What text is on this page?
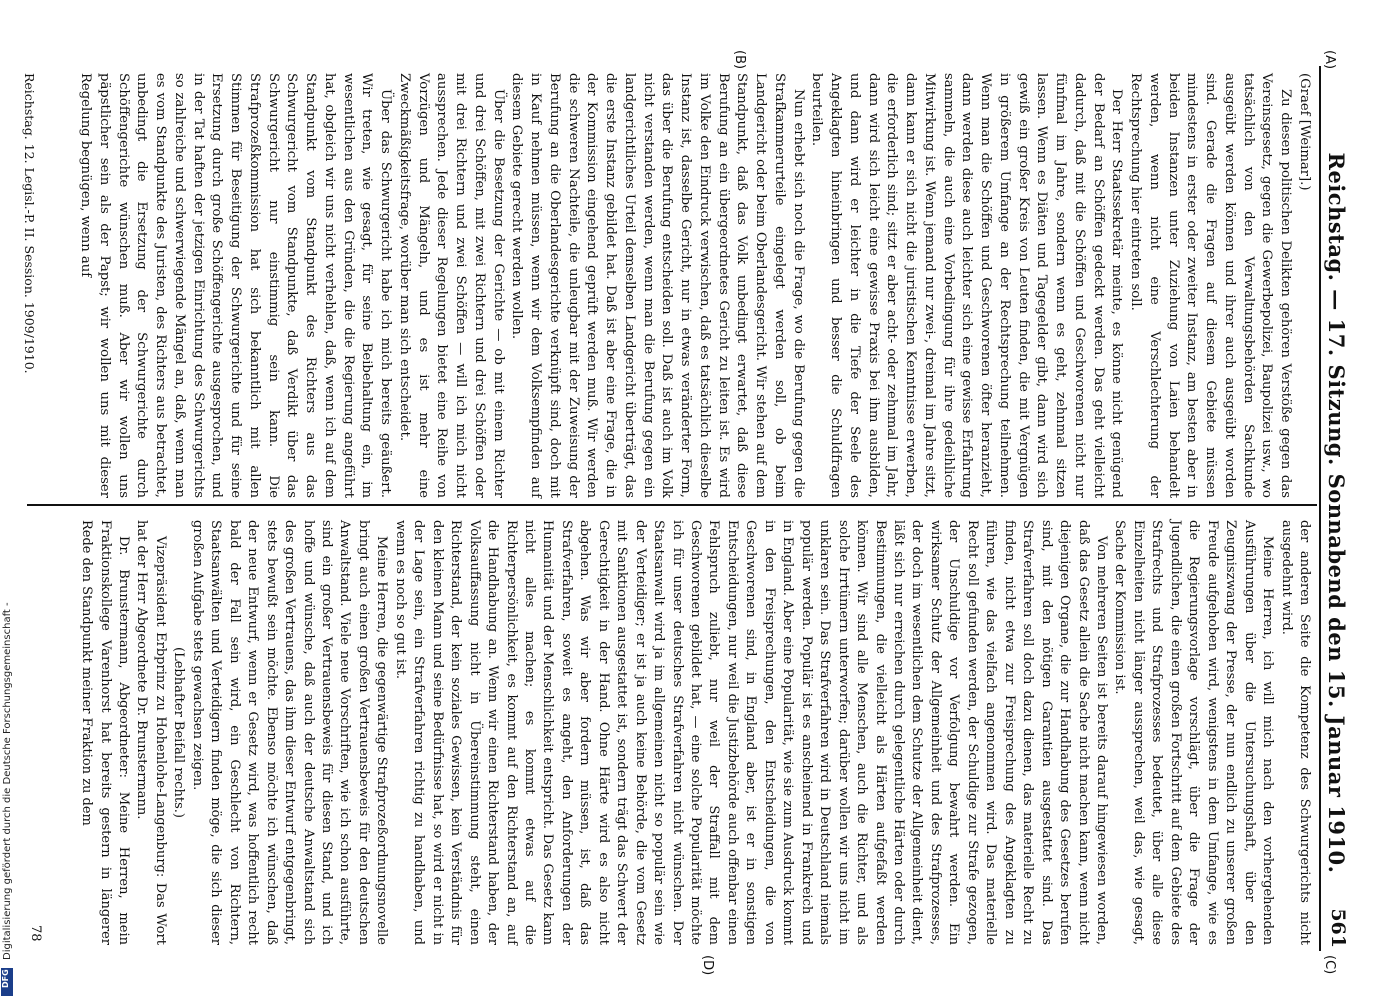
Reichstag. — 17. Sitzung. Sonnabend den 15. Januar 1910.
561
(A)
(B)
(C)
(D)

(Graef [Weimar].)

Zu diesen politischen Delikten gehören Verstöße gegen das Vereinsgesetz, gegen die Gewerbepolizei, Baupolizei usw., wo tatsächlich von den Verwaltungsbehörden Sachkunde ausgeübt werden können und ihrer auch ausgeübt worden sind. Gerade die Fragen auf diesem Gebiete müssen mindestens in erster oder zweiter Instanz, am besten aber in beiden Instanzen unter Zuziehung von Laien behandelt werden, wenn nicht eine Verschlechterung der Rechtsprechung hier eintreten soll.

Der Herr Staatssekretär meinte, es könne nicht genügend der Bedarf an Schöffen gedeckt werden. Das geht vielleicht dadurch, daß mit die Schöffen und Geschworenen nicht nur fünfmal im Jahre, sondern wenn es geht, zehnmal sitzen lassen. Wenn es Diäten und Tagegelder gibt, dann wird sich gewiß ein großer Kreis von Leuten finden, die mit Vergnügen in größerem Umfange an der Rechtsprechung teilnehmen. Wenn man die Schöffen und Geschworenen öfter heranzieht, dann werden diese auch leichter sich eine gewisse Erfahrung sammeln, die auch eine Vorbedingung für ihre gedeihliche Mitwirkung ist. Wenn jemand nur zwei-, dreimal im Jahre sitzt, dann kann er sich nicht die juristischen Kenntnisse erwerben, die erforderlich sind; sitzt er aber acht- oder zehnmal im Jahr, dann wird sich leicht eine gewisse Praxis bei ihm ausbilden, und dann wird er leichter in die Tiefe der Seele des Angeklagten hineinbringen und besser die Schuldfragen beurteilen.

Nun erhebt sich noch die Frage, wo die Berufung gegen die Strafkammerurteile eingelegt werden soll, ob beim Landgericht oder beim Oberlandesgericht. Wir stehen auf dem Standpunkt, daß das Volk unbedingt erwartet, daß diese Berufung an ein übergeordnetes Gericht zu leiten ist. Es wird im Volke den Eindruck verwischen, daß es tatsächlich dieselbe Instanz ist, dasselbe Gericht, nur in etwas veränderter Form, das über die Berufung entscheiden soll. Daß ist auch im Volk nicht verstanden werden, wenn man die Berufung gegen ein landgerichtliches Urteil demselben Landgericht überträgt, das die erste Instanz gebildet hat. Daß ist aber eine Frage, die in der Kommission eingehend geprüft werden muß. Wir werden die schweren Nachteile, die unleugbar mit der Zuweisung der Berufung an die Oberlandesgerichte verknüpft sind, doch mit in Kauf nehmen müssen, wenn wir dem Volksempfinden auf diesem Gebiete gerecht werden wollen.

Über die Besetzung der Gerichte — ob mit einem Richter und drei Schöffen, mit zwei Richtern und drei Schöffen oder mit drei Richtern und zwei Schöffen — will ich mich nicht aussprechen. Jede dieser Regelungen bietet eine Reihe von Vorzügen und Mängeln, und es ist mehr eine Zweckmäßigkeitsfrage, worüber man sich entscheidet.

Über das Schwurgericht habe ich mich bereits geäußert. Wir treten, wie gesagt, für seine Beibehaltung ein, im wesentlichen aus den Gründen, die die Regierung angeführt hat, obgleich wir uns nicht verhehlen, daß, wenn ich auf dem Standpunkt vom Standpunkt des Richters aus das Schwurgericht vom Standpunkte, daß Verdikt über das Schwurgericht nur einstimmig sein kann. Die Strafprozeßkommission hat sich bekanntlich mit allen Stimmen für Beseitigung der Schwurgerichte und für seine Ersetzung durch große Schöffengerichte ausgesprochen, und in der Tat haften der jetzigen Einrichtung des Schwurgerichts so zahlreiche und schwerwiegende Mängel an, daß, wenn man es vom Standpunkte des Juristen, des Richters aus betrachtet, unbedingt die Ersetzung der Schwurgerichte durch Schöffengerichte wünschen muß. Aber wir wollen uns päpstlicher sein als der Papst; wir wollen uns mit dieser Regelung begnügen, wenn auf

der anderen Seite die Kompetenz des Schwurgerichts nicht ausgedehnt wird.

Meine Herren, ich will mich nach den vorhergehenden Ausführungen über die Untersuchungshaft, über den Zeugniszwang der Presse, der nun endlich zu unserer großen Freude aufgehoben wird, wenigstens in dem Umfange, wie es die Regierungsvorlage vorschlägt, über die Frage der Jugendlichen, die einen großen Fortschritt auf dem Gebiete des Strafrechts und Strafprozesses bedeutet, über alle diese Einzelheiten nicht länger aussprechen, weil das, wie gesagt, Sache der Kommission ist.

Von mehreren Seiten ist bereits darauf hingewiesen worden, daß das Gesetz allein die Sache nicht machen kann, wenn nicht diejenigen Organe, die zur Handhabung des Gesetzes berufen sind, mit den nötigen Garantien ausgestattet sind. Das Strafverfahren soll doch dazu dienen, das materielle Recht zu finden, nicht etwa zur Freisprechung des Angeklagten zu führen, wie das vielfach angenommen wird. Das materielle Recht soll gefunden werden, der Schuldige zur Strafe gezogen, der Unschuldige vor Verfolgung bewahrt werden. Ein wirksamer Schutz der Allgemeinheit und des Strafprozesses, der doch im wesentlichen dem Schutze der Allgemeinheit dient, läßt sich nur erreichen durch gelegentliche Härten oder durch Bestimmungen, die vielleicht als Härten aufgefaßt werden können. Wir sind alle Menschen, auch die Richter, und als solche Irrtümern unterworfen; darüber wollen wir uns nicht im unklaren sein. Das Strafverfahren wird in Deutschland niemals populär werden. Populär ist es anscheinend in Frankreich und in England. Aber eine Popularität, wie sie zum Ausdruck kommt in den Freisprechungen, den Entscheidungen, die von Geschworenen sind, in England aber, ist er in sonstigen Entscheidungen, nur weil die Justizbehörde auch offenbar einen Fehlspruch zuliebt, nur weil der Straffall mit dem Geschworenen gebildet hat, — eine solche Popularität möchte ich für unser deutsches Strafverfahren nicht wünschen. Der Staatsanwalt wird ja im allgemeinen nicht so populär sein wie der Verteidiger; er ist ja auch keine Behörde, die vom Gesetz mit Sanktionen ausgestattet ist, sondern trägt das Schwert der Gerechtigkeit in der Hand. Ohne Härte wird es also nicht abgehen. Was wir aber fordern müssen, ist, daß das Strafverfahren, soweit es angeht, den Anforderungen der Humanität und der Menschlichkeit entspricht. Das Gesetz kann nicht alles machen; es kommt etwas auf die Richterpersönlichkeit, es kommt auf den Richterstand an, auf die Handhabung an. Wenn wir einen Richterstand haben, der Volksauffassung nicht in Übereinstimmung steht, einen Richterstand, der kein soziales Gewissen, kein Verständnis für den kleinen Mann und seine Bedürfnisse hat, so wird er nicht in der Lage sein, ein Strafverfahren richtig zu handhaben, und wenn es noch so gut ist.

Meine Herren, die gegenwärtige Strafprozeßordnungsnovelle bringt auch einen großen Vertrauensbeweis für den deutschen Anwaltstand. Viele neue Vorschriften, wie ich schon ausführte, sind ein großer Vertrauensbeweis für diesen Stand, und ich hoffe und wünsche, daß auch der deutsche Anwaltstand sich des großen Vertrauens, das ihm dieser Entwurf entgegenbringt, stets bewußt sein möchte. Ebenso möchte ich wünschen, daß der neue Entwurf, wenn er Gesetz wird, was hoffentlich recht bald der Fall sein wird, ein Geschlecht von Richtern, Staatsanwälten und Verteidigern finden möge, die sich dieser großen Aufgabe stets gewachsen zeigen.

(Lebhafter Beifall rechts.)

Vizepräsident Erbprinz zu Hohenlohe-Langenburg: Das Wort hat der Herr Abgeordnete Dr. Brunstermann.

Dr. Brunstermann, Abgeordneter: Meine Herren, mein Fraktionskollege Varenhorst hat bereits gestern in längerer Rede den Standpunkt meiner Fraktion zu dem

Reichstag. 12. Legisl.-P. II. Session. 1909/1910.
78
Digitalisierung gefördert durch die Deutsche Forschungsgemeinschaft -
DFG
